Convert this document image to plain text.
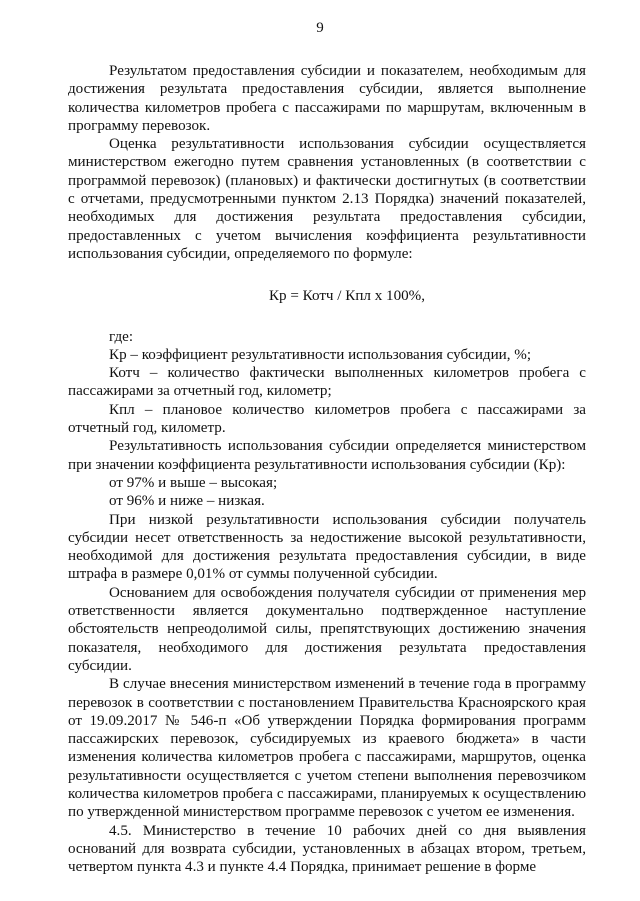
9

Результатом предоставления субсидии и показателем, необходимым для достижения результата предоставления субсидии, является выполнение количества километров пробега с пассажирами по маршрутам, включенным в программу перевозок.

Оценка результативности использования субсидии осуществляется министерством ежегодно путем сравнения установленных (в соответствии с программой перевозок) (плановых) и фактически достигнутых (в соответствии с отчетами, предусмотренными пунктом 2.13 Порядка) значений показателей, необходимых для достижения результата предоставления субсидии, предоставленных с учетом вычисления коэффициента результативности использования субсидии, определяемого по формуле:

Кр = Котч / Кпл х 100%,

где:

Кр – коэффициент результативности использования субсидии, %;

Котч – количество фактически выполненных километров пробега с пассажирами за отчетный год, километр;

Кпл – плановое количество километров пробега с пассажирами за отчетный год, километр.

Результативность использования субсидии определяется министерством при значении коэффициента результативности использования субсидии (Кр):

от 97% и выше – высокая;

от 96% и ниже – низкая.

При низкой результативности использования субсидии получатель субсидии несет ответственность за недостижение высокой результативности, необходимой для достижения результата предоставления субсидии, в виде штрафа в размере 0,01% от суммы полученной субсидии.

Основанием для освобождения получателя субсидии от применения мер ответственности является документально подтвержденное наступление обстоятельств непреодолимой силы, препятствующих достижению значения показателя, необходимого для достижения результата предоставления субсидии.

В случае внесения министерством изменений в течение года в программу перевозок в соответствии с постановлением Правительства Красноярского края от 19.09.2017 № 546-п «Об утверждении Порядка формирования программ пассажирских перевозок, субсидируемых из краевого бюджета» в части изменения количества километров пробега с пассажирами, маршрутов, оценка результативности осуществляется с учетом степени выполнения перевозчиком количества километров пробега с пассажирами, планируемых к осуществлению по утвержденной министерством программе перевозок с учетом ее изменения.

4.5. Министерство в течение 10 рабочих дней со дня выявления оснований для возврата субсидии, установленных в абзацах втором, третьем, четвертом пункта 4.3 и пункте 4.4 Порядка, принимает решение в форме
